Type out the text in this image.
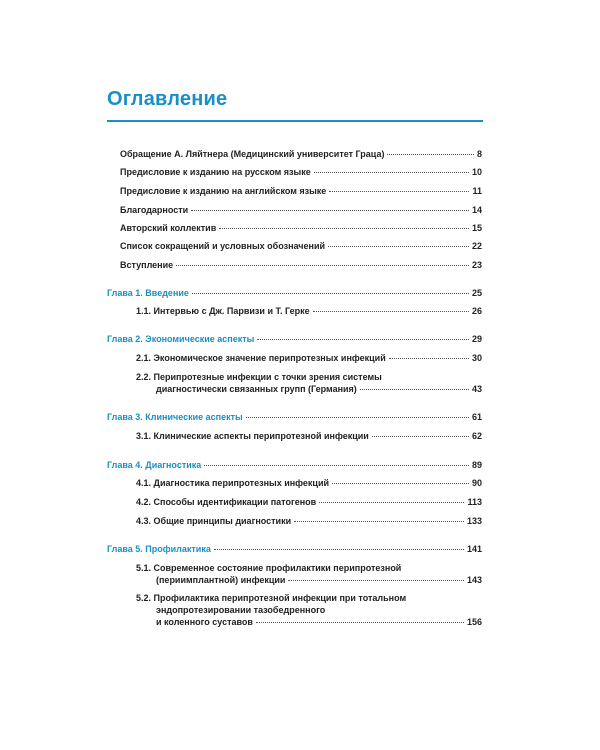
Оглавление
Обращение А. Ляйтнера (Медицинский университет Граца)	8
Предисловие к изданию на русском языке	10
Предисловие к изданию на английском языке	11
Благодарности	14
Авторский коллектив	15
Список сокращений и условных обозначений	22
Вступление	23
Глава 1. Введение	25
1.1. Интервью с Дж. Парвизи и Т. Герке	26
Глава 2. Экономические аспекты	29
2.1. Экономическое значение перипротезных инфекций	30
2.2. Перипротезные инфекции с точки зрения системы
диагностически связанных групп (Германия)	43
Глава 3. Клинические аспекты	61
3.1. Клинические аспекты перипротезной инфекции	62
Глава 4. Диагностика	89
4.1. Диагностика перипротезных инфекций	90
4.2. Способы идентификации патогенов	113
4.3. Общие принципы диагностики	133
Глава 5. Профилактика	141
5.1. Современное состояние профилактики перипротезной
(периимплантной) инфекции	143
5.2. Профилактика перипротезной инфекции при тотальном
эндопротезировании тазобедренного
и коленного суставов	156
